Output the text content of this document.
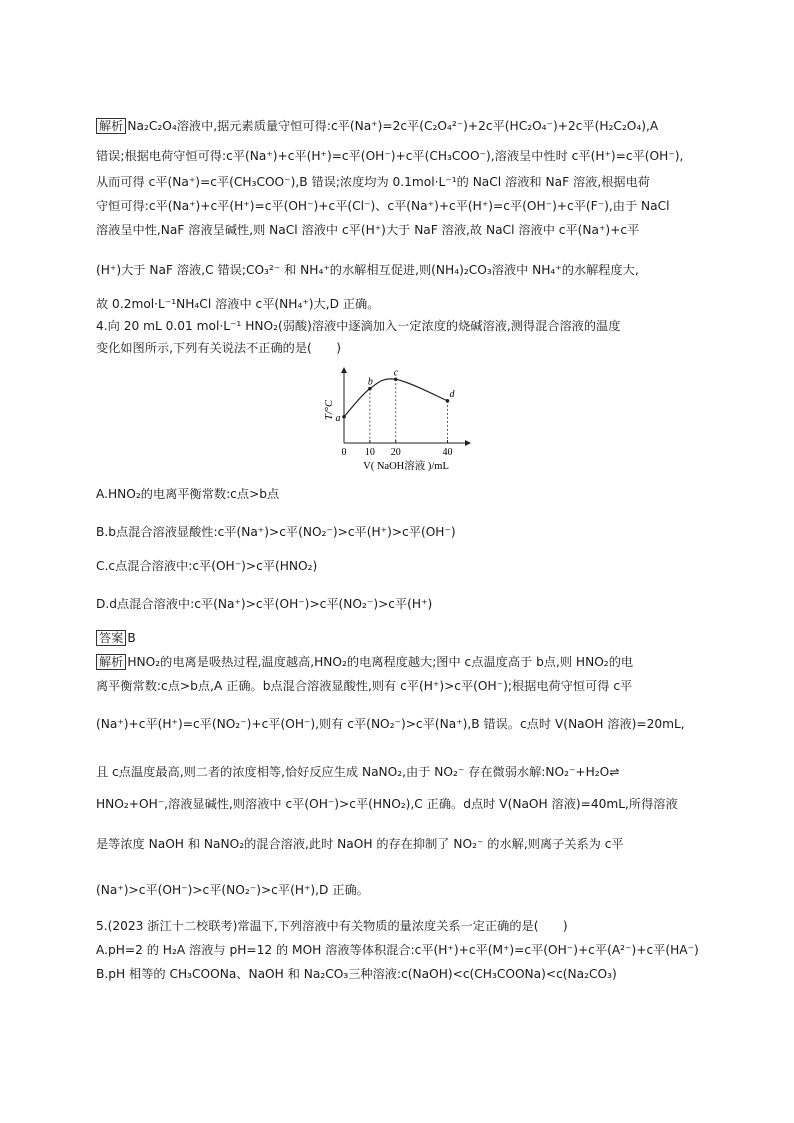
解析 Na₂C₂O₄溶液中,据元素质量守恒可得:c平(Na⁺)=2c平(C₂O₄²⁻)+2c平(HC₂O₄⁻)+2c平(H₂C₂O₄),A
错误;根据电荷守恒可得:c平(Na⁺)+c平(H⁺)=c平(OH⁻)+c平(CH₃COO⁻),溶液呈中性时 c平(H⁺)=c平(OH⁻),
从而可得 c平(Na⁺)=c平(CH₃COO⁻),B 错误;浓度均为 0.1mol·L⁻¹的 NaCl 溶液和 NaF 溶液,根据电荷
守恒可得:c平(Na⁺)+c平(H⁺)=c平(OH⁻)+c平(Cl⁻)、c平(Na⁺)+c平(H⁺)=c平(OH⁻)+c平(F⁻),由于 NaCl
溶液呈中性,NaF 溶液呈碱性,则 NaCl 溶液中 c平(H⁺)大于 NaF 溶液,故 NaCl 溶液中 c平(Na⁺)+c平
(H⁺)大于 NaF 溶液,C 错误;CO₃²⁻ 和 NH₄⁺的水解相互促进,则(NH₄)₂CO₃溶液中 NH₄⁺的水解程度大,
故 0.2mol·L⁻¹NH₄Cl 溶液中 c平(NH₄⁺)大,D 正确。
4.向 20 mL 0.01 mol·L⁻¹ HNO₂(弱酸)溶液中逐滴加入一定浓度的烧碱溶液,测得混合溶液的温度
变化如图所示,下列有关说法不正确的是(　　)
a
b
c
d
10 20	40
0
T/°C
V( NaOH溶液 )/mL
A.HNO₂的电离平衡常数:c点>b点
B.b点混合溶液显酸性:c平(Na⁺)>c平(NO₂⁻)>c平(H⁺)>c平(OH⁻)
C.c点混合溶液中:c平(OH⁻)>c平(HNO₂)
D.d点混合溶液中:c平(Na⁺)>c平(OH⁻)>c平(NO₂⁻)>c平(H⁺)
答案 B
解析 HNO₂的电离是吸热过程,温度越高,HNO₂的电离程度越大;图中 c点温度高于 b点,则 HNO₂的电
离平衡常数:c点>b点,A 正确。b点混合溶液显酸性,则有 c平(H⁺)>c平(OH⁻);根据电荷守恒可得 c平
(Na⁺)+c平(H⁺)=c平(NO₂⁻)+c平(OH⁻),则有 c平(NO₂⁻)>c平(Na⁺),B 错误。c点时 V(NaOH 溶液)=20mL,
且 c点温度最高,则二者的浓度相等,恰好反应生成 NaNO₂,由于 NO₂⁻ 存在微弱水解:NO₂⁻+H₂O⇌
HNO₂+OH⁻,溶液显碱性,则溶液中 c平(OH⁻)>c平(HNO₂),C 正确。d点时 V(NaOH 溶液)=40mL,所得溶液
是等浓度 NaOH 和 NaNO₂的混合溶液,此时 NaOH 的存在抑制了 NO₂⁻ 的水解,则离子关系为 c平
(Na⁺)>c平(OH⁻)>c平(NO₂⁻)>c平(H⁺),D 正确。
5.(2023 浙江十二校联考)常温下,下列溶液中有关物质的量浓度关系一定正确的是(　　)
A.pH=2 的 H₂A 溶液与 pH=12 的 MOH 溶液等体积混合:c平(H⁺)+c平(M⁺)=c平(OH⁻)+c平(A²⁻)+c平(HA⁻)
B.pH 相等的 CH₃COONa、NaOH 和 Na₂CO₃三种溶液:c(NaOH)<c(CH₃COONa)<c(Na₂CO₃)
